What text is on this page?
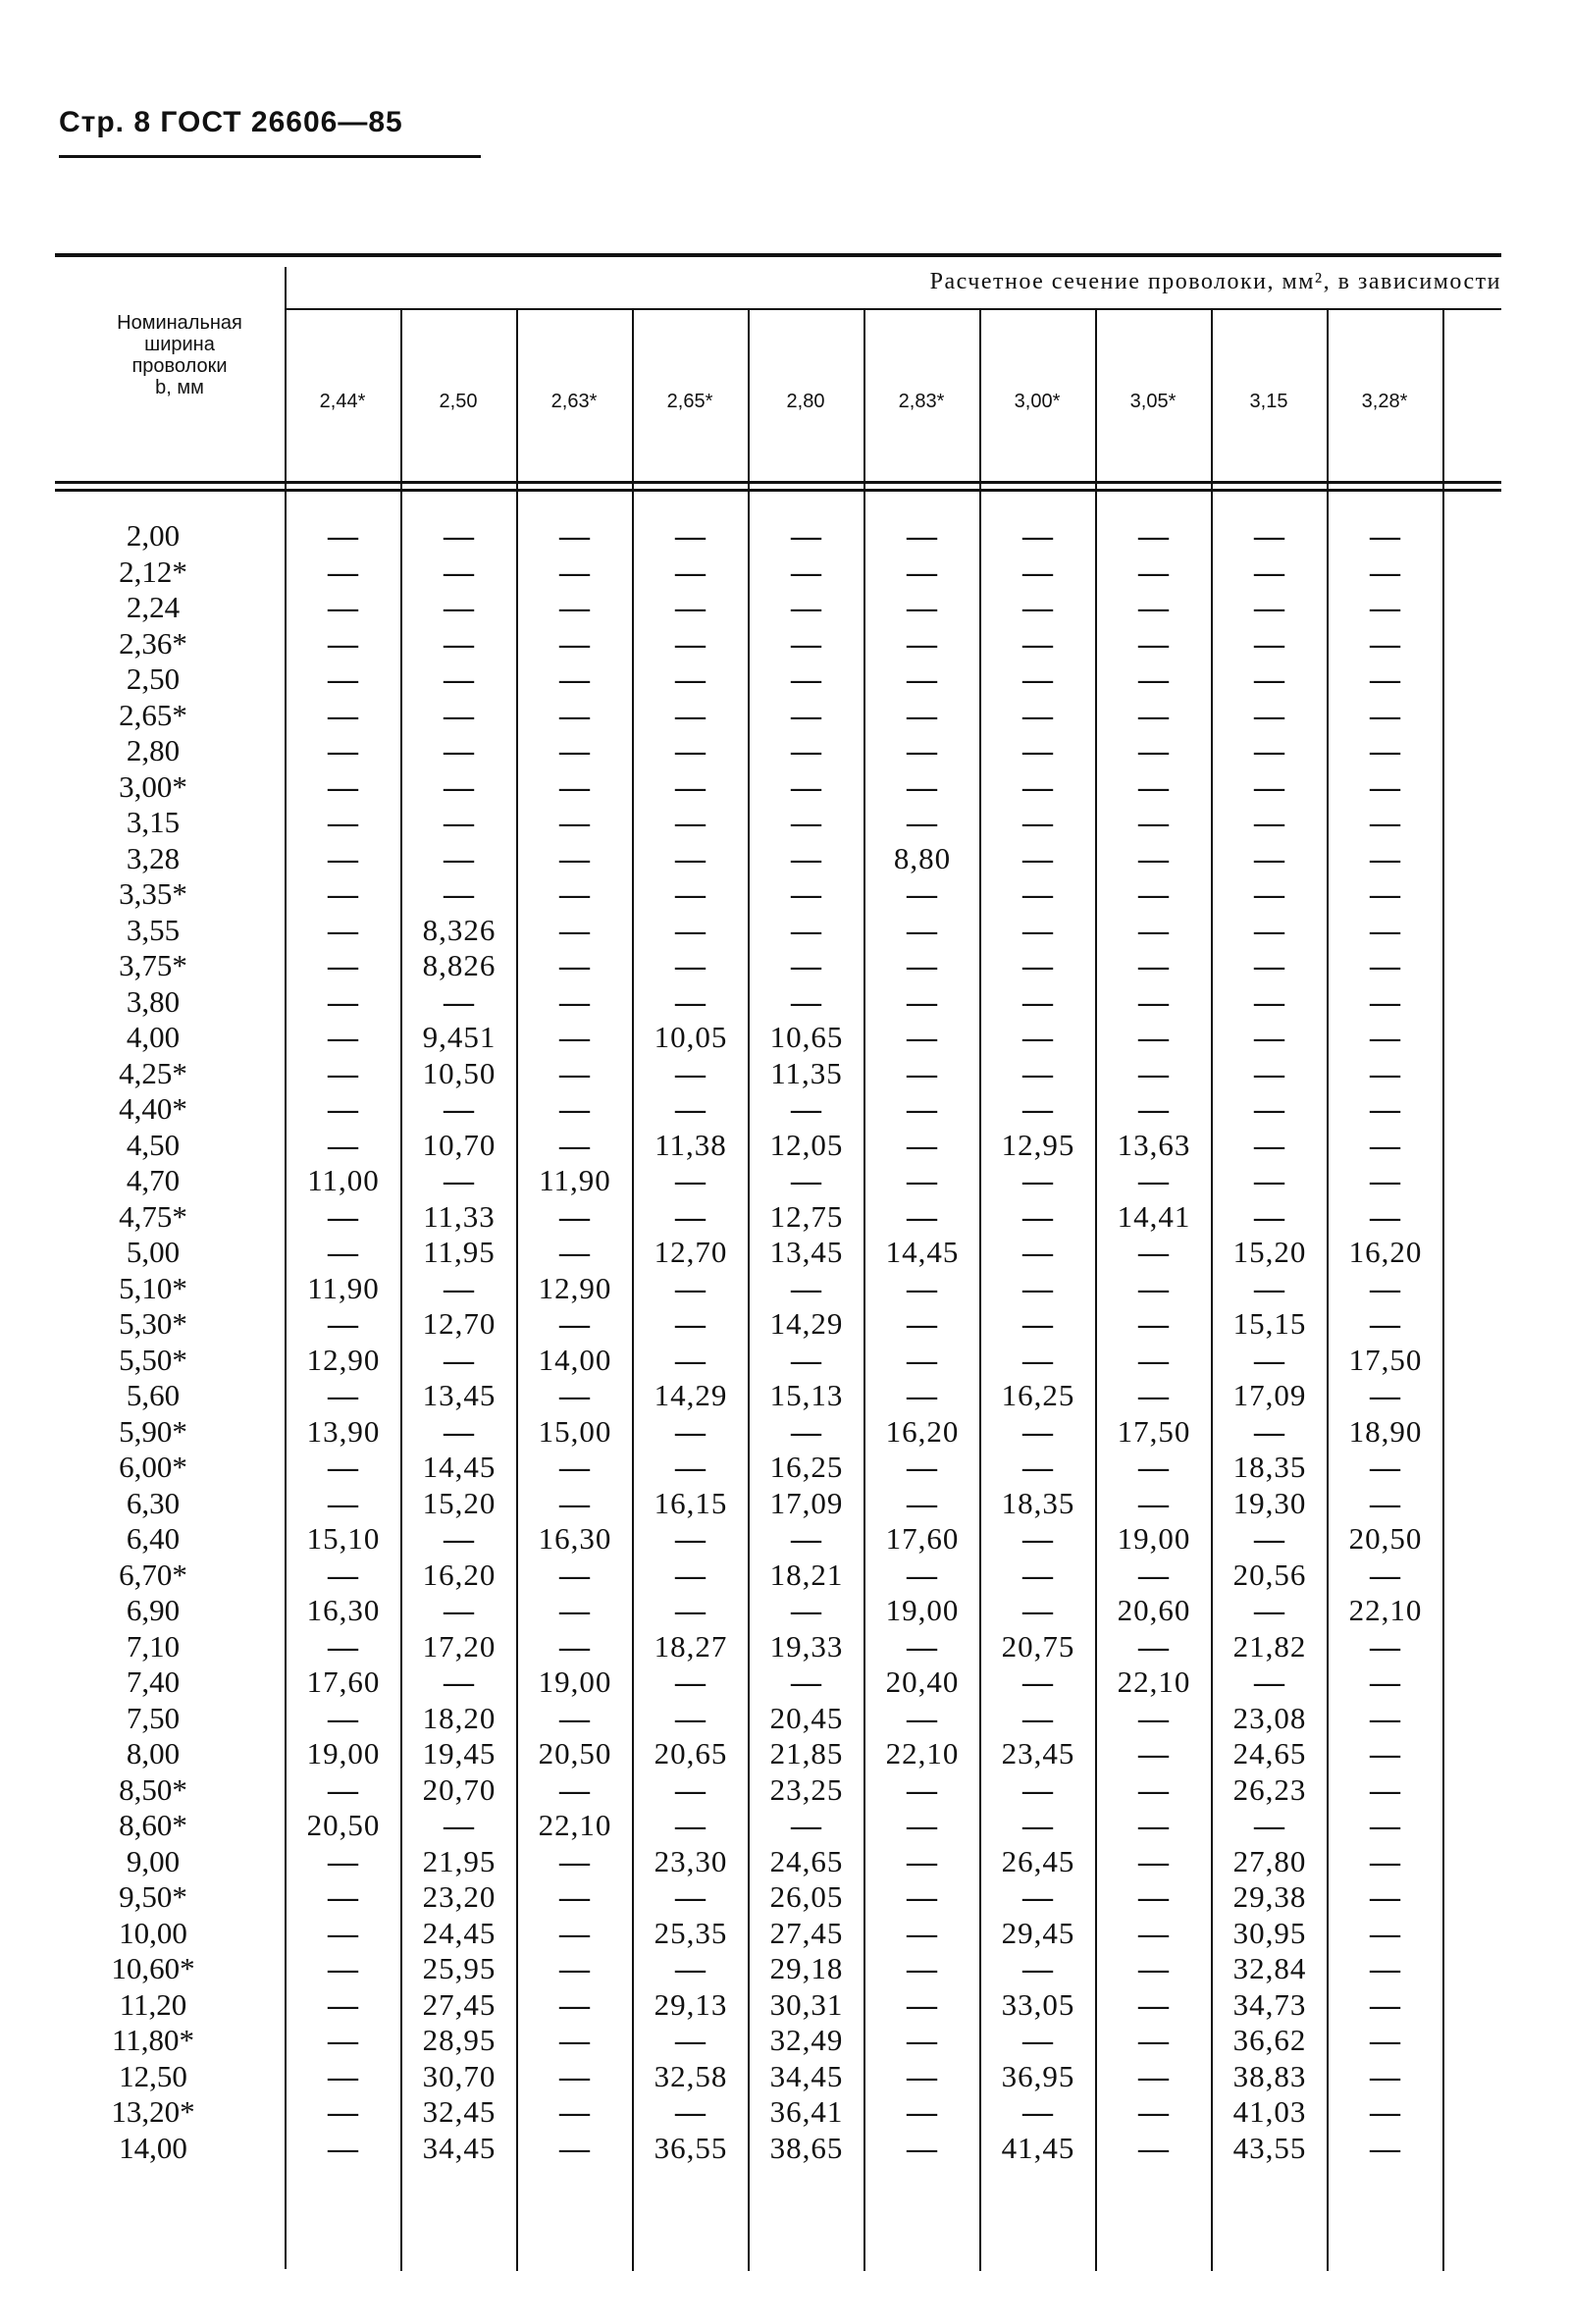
Стр. 8 ГОСТ 26606—85
Номинальная
ширина
проволоки
b, мм
Расчетное сечение проволоки, мм², в зависимости
2,44*	2,50	2,63*	2,65*	2,80	2,83*	3,00*	3,05*	3,15	3,28*
2,00	—	—	—	—	—	—	—	—	—	—
2,12*	—	—	—	—	—	—	—	—	—	—
2,24	—	—	—	—	—	—	—	—	—	—
2,36*	—	—	—	—	—	—	—	—	—	—
2,50	—	—	—	—	—	—	—	—	—	—
2,65*	—	—	—	—	—	—	—	—	—	—
2,80	—	—	—	—	—	—	—	—	—	—
3,00*	—	—	—	—	—	—	—	—	—	—
3,15	—	—	—	—	—	—	—	—	—	—
3,28	—	—	—	—	—	8,80	—	—	—	—
3,35*	—	—	—	—	—	—	—	—	—	—
3,55	—	8,326	—	—	—	—	—	—	—	—
3,75*	—	8,826	—	—	—	—	—	—	—	—
3,80	—	—	—	—	—	—	—	—	—	—
4,00	—	9,451	—	10,05	10,65	—	—	—	—	—
4,25*	—	10,50	—	—	11,35	—	—	—	—	—
4,40*	—	—	—	—	—	—	—	—	—	—
4,50	—	10,70	—	11,38	12,05	—	12,95	13,63	—	—
4,70	11,00	—	11,90	—	—	—	—	—	—	—
4,75*	—	11,33	—	—	12,75	—	—	14,41	—	—
5,00	—	11,95	—	12,70	13,45	14,45	—	—	15,20	16,20
5,10*	11,90	—	12,90	—	—	—	—	—	—	—
5,30*	—	12,70	—	—	14,29	—	—	—	15,15	—
5,50*	12,90	—	14,00	—	—	—	—	—	—	17,50
5,60	—	13,45	—	14,29	15,13	—	16,25	—	17,09	—
5,90*	13,90	—	15,00	—	—	16,20	—	17,50	—	18,90
6,00*	—	14,45	—	—	16,25	—	—	—	18,35	—
6,30	—	15,20	—	16,15	17,09	—	18,35	—	19,30	—
6,40	15,10	—	16,30	—	—	17,60	—	19,00	—	20,50
6,70*	—	16,20	—	—	18,21	—	—	—	20,56	—
6,90	16,30	—	—	—	—	19,00	—	20,60	—	22,10
7,10	—	17,20	—	18,27	19,33	—	20,75	—	21,82	—
7,40	17,60	—	19,00	—	—	20,40	—	22,10	—	—
7,50	—	18,20	—	—	20,45	—	—	—	23,08	—
8,00	19,00	19,45	20,50	20,65	21,85	22,10	23,45	—	24,65	—
8,50*	—	20,70	—	—	23,25	—	—	—	26,23	—
8,60*	20,50	—	22,10	—	—	—	—	—	—	—
9,00	—	21,95	—	23,30	24,65	—	26,45	—	27,80	—
9,50*	—	23,20	—	—	26,05	—	—	—	29,38	—
10,00	—	24,45	—	25,35	27,45	—	29,45	—	30,95	—
10,60*	—	25,95	—	—	29,18	—	—	—	32,84	—
11,20	—	27,45	—	29,13	30,31	—	33,05	—	34,73	—
11,80*	—	28,95	—	—	32,49	—	—	—	36,62	—
12,50	—	30,70	—	32,58	34,45	—	36,95	—	38,83	—
13,20*	—	32,45	—	—	36,41	—	—	—	41,03	—
14,00	—	34,45	—	36,55	38,65	—	41,45	—	43,55	—
